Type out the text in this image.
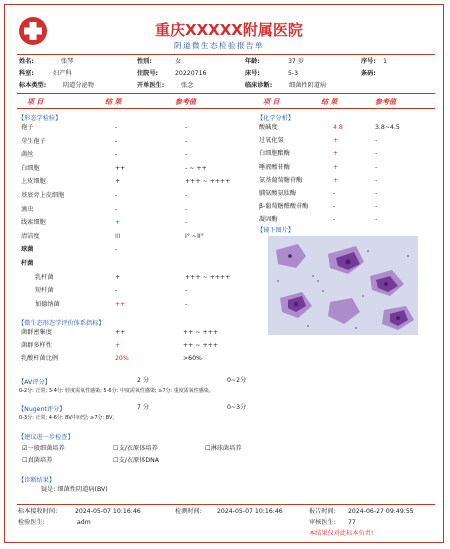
重庆XXXXX附属医院
阴道微生态检验报告单
姓名:	张琴	性别:	女	年龄:	37 岁	序号: 1
科室:	妇产科	住院号:	20220716	床号:	5-3	条码:
标本类型:	阴道分泌物	开单医生:	张念	临床诊断:	细菌性阴道病
项 目	结 果	参考值	项 目	结 果	参考值
【形态学检验】
【微生态形态学评价体系指标】
【AV评分】	2 分	0~2分
0-2分: 正常; 3-4分: 轻度需氧性感染; 5-6分: 中度需氧性感染; ≥7分: 重度需氧性感染。
【Nugent评分】	7 分	0~3分
0-3分: 正常; 4-6分: BV中间型; ≥7分: BV。
【建议进一步检查】
【诊断结果】
疑是: 细菌性阴道病(BV)
【化学分析】
【镜下图片】
标本接收时间:	2024-05-07 10:16:46	检测时间: 2024-05-07 10:16:46	报告时间: 2024-06-27 09:49:55
检验医生:	adm	审核医生: 77
本结果仅对此标本负责!
孢子	-	-
芽生孢子	-	-
菌丝	-	-
白细胞	++	- ~ ++
上皮细胞	+	+++ ~ ++++
基底旁上皮细胞	-	-
滴虫	-	-
线索细胞	+	-
清洁度	III	I° ~II°
球菌	-
杆菌
乳杆菌	+	+++ ~ ++++
短杆菌	-	-
加德纳菌	++	-
菌群密集度	++	++ ~ +++
菌群多样性	+	++ ~ +++
乳酸杆菌比例	20%	>60%
酸碱度	4.8	3.8~4.5
过氧化氢	+	-
白细胞酯酶	+	-
唾液酸苷酶	+	-
氨基葡萄糖苷酶	+	-
脯氨酸氨肽酶	-	-
β-葡萄糖醛酸苷酶	-	-
凝固酶	-	-
☑一般细菌培养	☐支/衣原体培养	☐淋球菌培养
☐真菌培养	☐支/衣原体DNA
